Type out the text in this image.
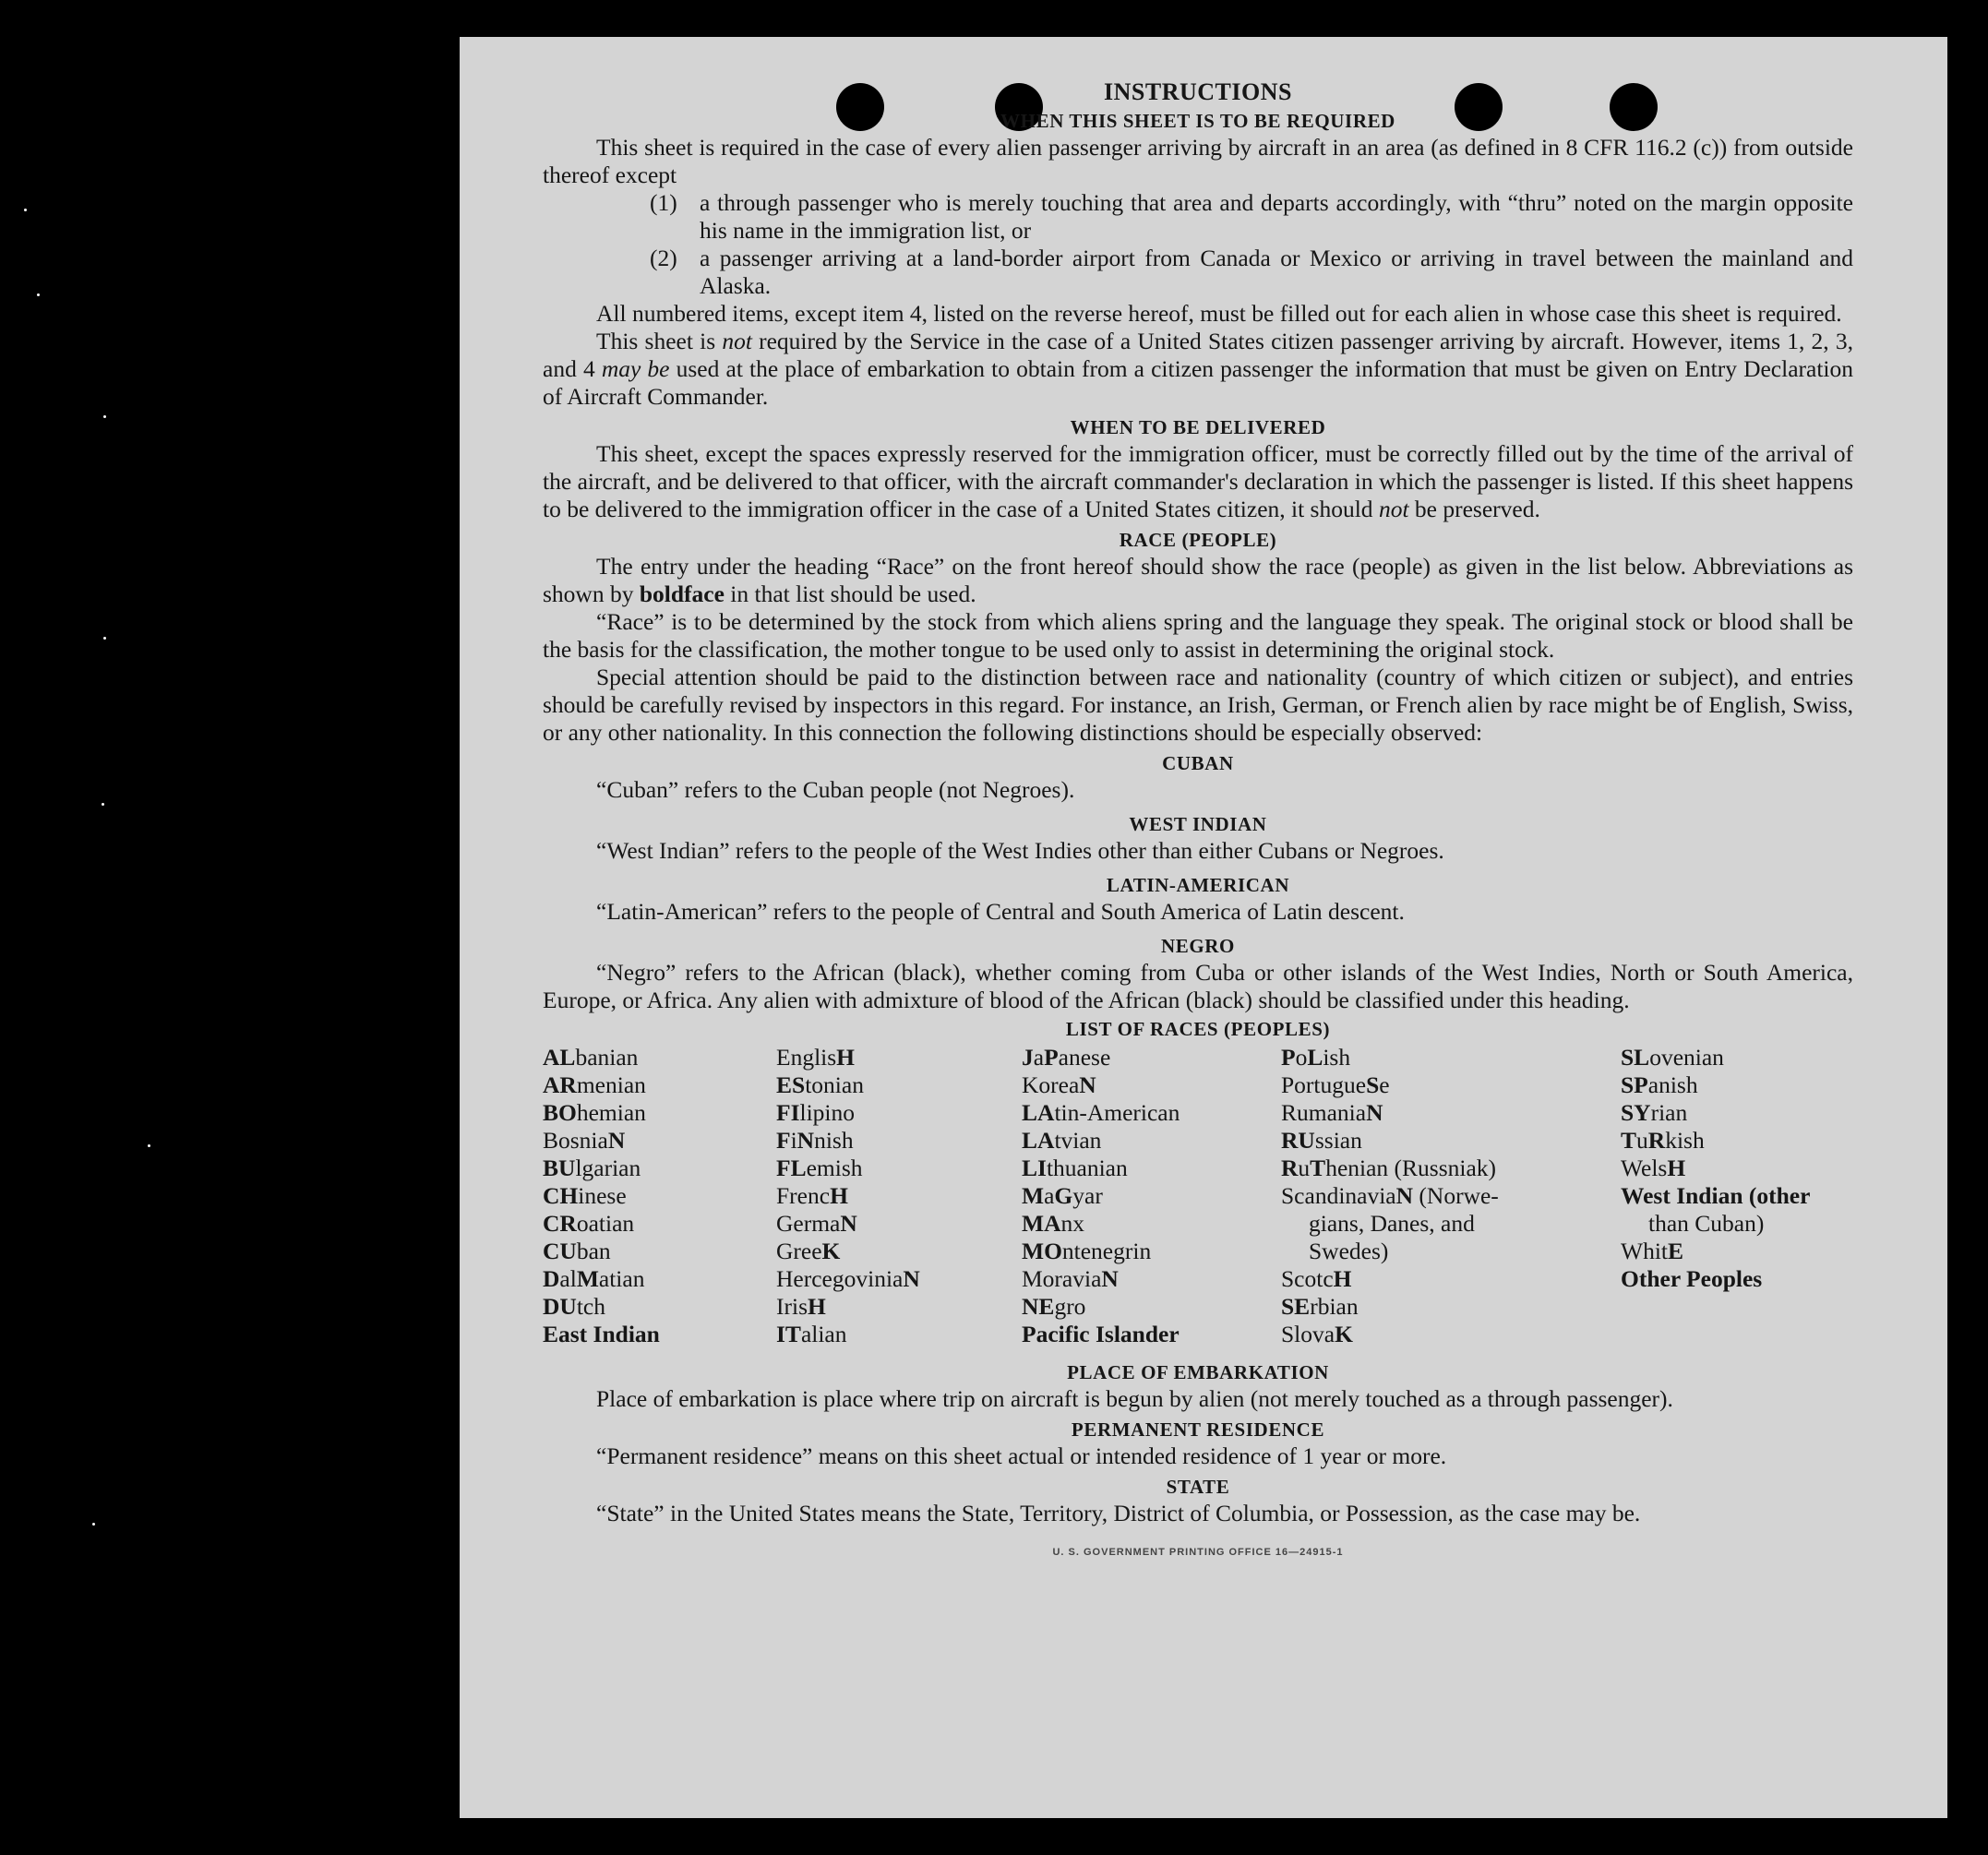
INSTRUCTIONS
WHEN THIS SHEET IS TO BE REQUIRED

This sheet is required in the case of every alien passenger arriving by aircraft in an area (as defined in 8 CFR 116.2 (c)) from outside thereof except

(1) a through passenger who is merely touching that area and departs accordingly, with “thru” noted on the margin opposite his name in the immigration list, or
(2) a passenger arriving at a land-border airport from Canada or Mexico or arriving in travel between the mainland and Alaska.

All numbered items, except item 4, listed on the reverse hereof, must be filled out for each alien in whose case this sheet is required.

This sheet is not required by the Service in the case of a United States citizen passenger arriving by aircraft. However, items 1, 2, 3, and 4 may be used at the place of embarkation to obtain from a citizen passenger the information that must be given on Entry Declaration of Aircraft Commander.

WHEN TO BE DELIVERED

This sheet, except the spaces expressly reserved for the immigration officer, must be correctly filled out by the time of the arrival of the aircraft, and be delivered to that officer, with the aircraft commander's declaration in which the passenger is listed. If this sheet happens to be delivered to the immigration officer in the case of a United States citizen, it should not be preserved.

RACE (PEOPLE)

The entry under the heading “Race” on the front hereof should show the race (people) as given in the list below. Abbreviations as shown by boldface in that list should be used.

“Race” is to be determined by the stock from which aliens spring and the language they speak. The original stock or blood shall be the basis for the classification, the mother tongue to be used only to assist in determining the original stock.

Special attention should be paid to the distinction between race and nationality (country of which citizen or subject), and entries should be carefully revised by inspectors in this regard. For instance, an Irish, German, or French alien by race might be of English, Swiss, or any other nationality. In this connection the following distinctions should be especially observed:

CUBAN

“Cuban” refers to the Cuban people (not Negroes).

WEST INDIAN

“West Indian” refers to the people of the West Indies other than either Cubans or Negroes.

LATIN-AMERICAN

“Latin-American” refers to the people of Central and South America of Latin descent.

NEGRO

“Negro” refers to the African (black), whether coming from Cuba or other islands of the West Indies, North or South America, Europe, or Africa. Any alien with admixture of blood of the African (black) should be classified under this heading.

LIST OF RACES (PEOPLES)
ALbanian
ARmenian
BOhemian
BosniaN
BUlgarian
CHinese
CRoatian
CUban
DalMatian
DUtch
East Indian
EnglisH
EStonian
FIlipino
FiNnish
FLemish
FrencH
GermaN
GreeK
HercegoviniaN
IrisH
ITalian
JaPanese
KoreaN
LAtin-American
LAtvian
LIthuanian
MaGyar
MAnx
MOntenegrin
MoraviaN
NEgro
Pacific Islander
PoLish
PortugueSe
RumaniaN
RUssian
RuThenian (Russniak)
ScandinaviaN (Norwe-
gians, Danes, and
Swedes)
ScotcH
SErbian
SlovaK
SLovenian
SPanish
SYrian
TuRkish
WelsH
West Indian (other
than Cuban)
WhitE
Other Peoples
PLACE OF EMBARKATION

Place of embarkation is place where trip on aircraft is begun by alien (not merely touched as a through passenger).

PERMANENT RESIDENCE

“Permanent residence” means on this sheet actual or intended residence of 1 year or more.

STATE

“State” in the United States means the State, Territory, District of Columbia, or Possession, as the case may be.

U. S. GOVERNMENT PRINTING OFFICE 16—24915-1
